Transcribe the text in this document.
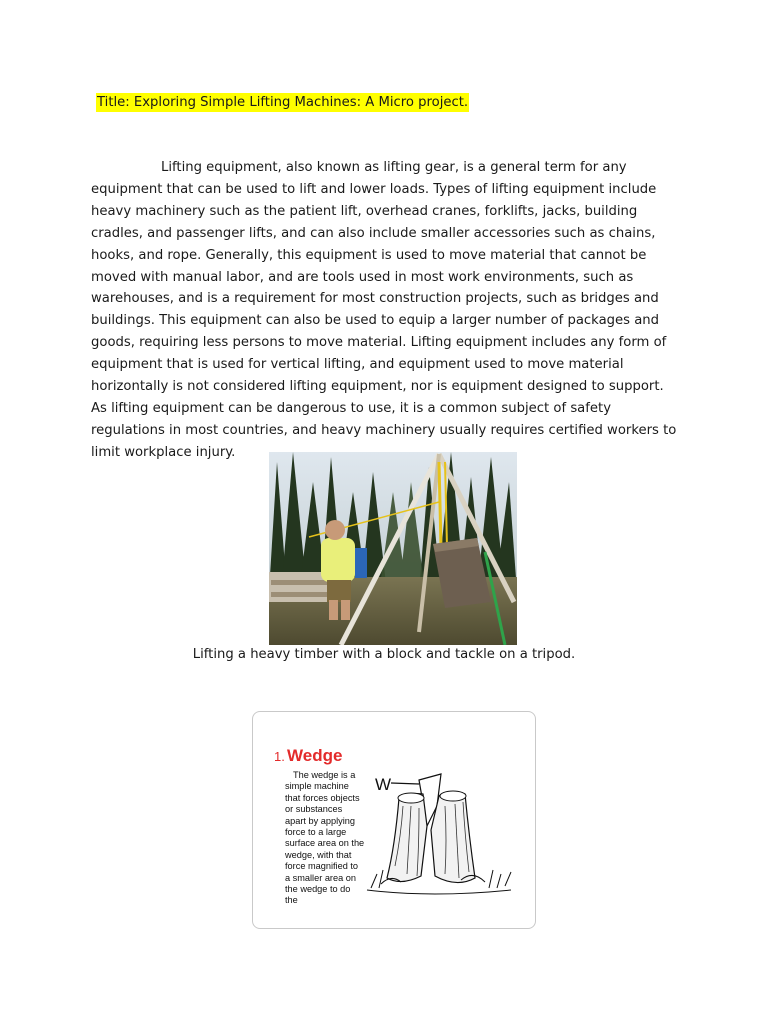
Title: Exploring Simple Lifting Machines: A Micro project.

Lifting equipment, also known as lifting gear, is a general term for any equipment that can be used to lift and lower loads. Types of lifting equipment include heavy machinery such as the patient lift, overhead cranes, forklifts, jacks, building cradles, and passenger lifts, and can also include smaller accessories such as chains, hooks, and rope. Generally, this equipment is used to move material that cannot be moved with manual labor, and are tools used in most work environments, such as warehouses, and is a requirement for most construction projects, such as bridges and buildings. This equipment can also be used to equip a larger number of packages and goods, requiring less persons to move material. Lifting equipment includes any form of equipment that is used for vertical lifting, and equipment used to move material horizontally is not considered lifting equipment, nor is equipment designed to support. As lifting equipment can be dangerous to use, it is a common subject of safety regulations in most countries, and heavy machinery usually requires certified workers to limit workplace injury.

Lifting a heavy timber with a block and tackle on a tripod.
1. Wedge

The wedge is a simple machine that forces objects or substances apart by applying force to a large surface area on the wedge, with that force magnified to a smaller area on the wedge to do the

W
